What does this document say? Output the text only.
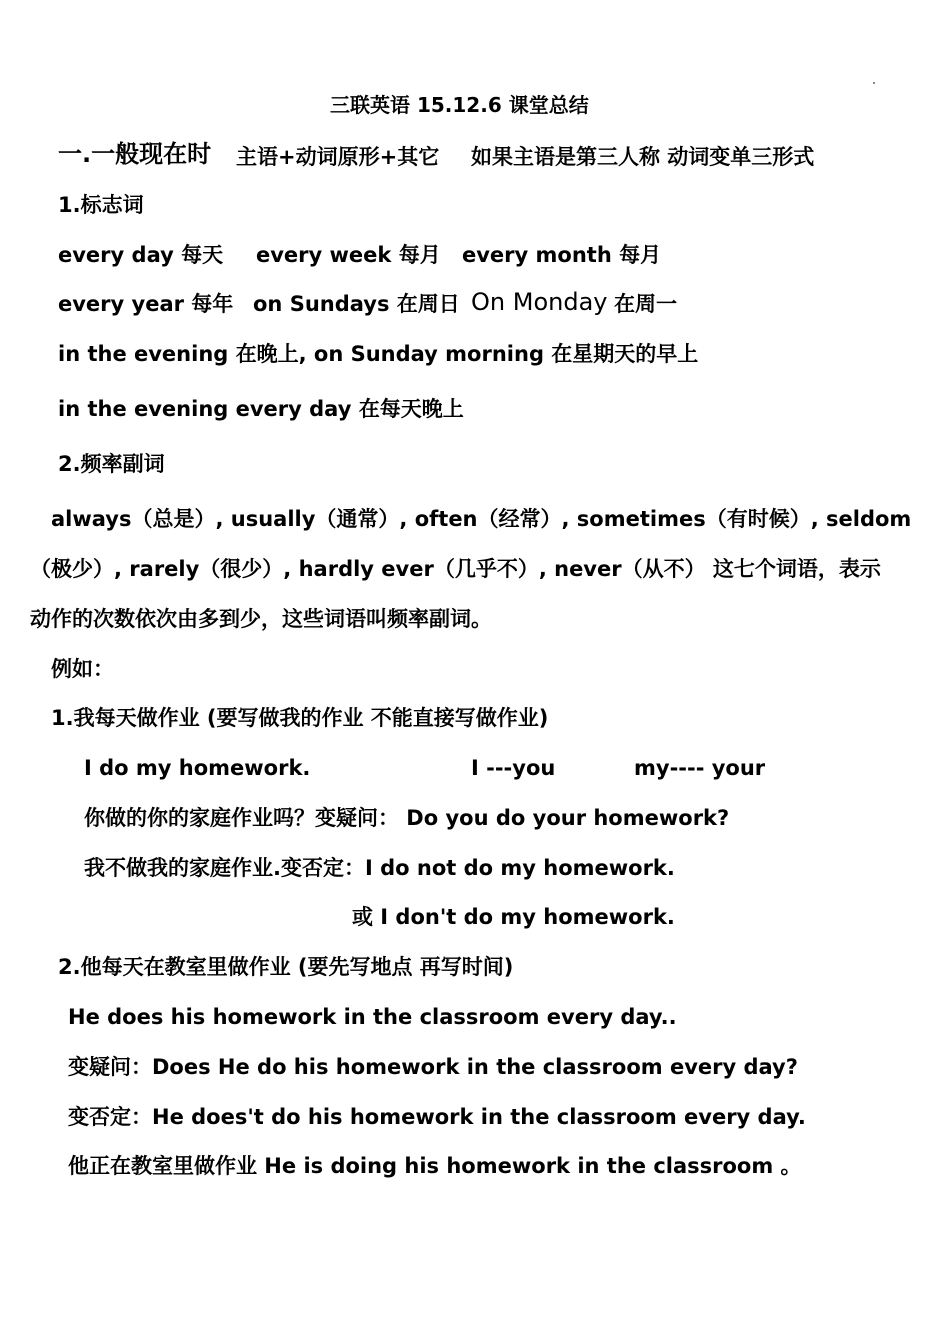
三联英语 15.12.6 课堂总结
一.一般现在时 主语+动词原形+其它 如果主语是第三人称 动词变单三形式
1.标志词
every day 每天 every week 每月 every month 每月
every year 每年 on Sundays 在周日 On Monday 在周一
in the evening 在晚上, on Sunday morning 在星期天的早上
in the evening every day 在每天晚上
2.频率副词
always（总是）, usually（通常）, often（经常）, sometimes（有时候）, seldom
（极少）, rarely（很少）, hardly ever（几乎不）, never（从不） 这七个词语，表示
动作的次数依次由多到少，这些词语叫频率副词。
例如：
1.我每天做作业 (要写做我的作业 不能直接写做作业)
I do my homework.	I ---you	my---- your
你做的你的家庭作业吗？变疑问： Do you do your homework?
我不做我的家庭作业.变否定：I do not do my homework.
或 I don't do my homework.
2.他每天在教室里做作业 (要先写地点 再写时间)
He does his homework in the classroom every day..
变疑问：Does He do his homework in the classroom every day?
变否定：He does't do his homework in the classroom every day.
他正在教室里做作业 He is doing his homework in the classroom 。
